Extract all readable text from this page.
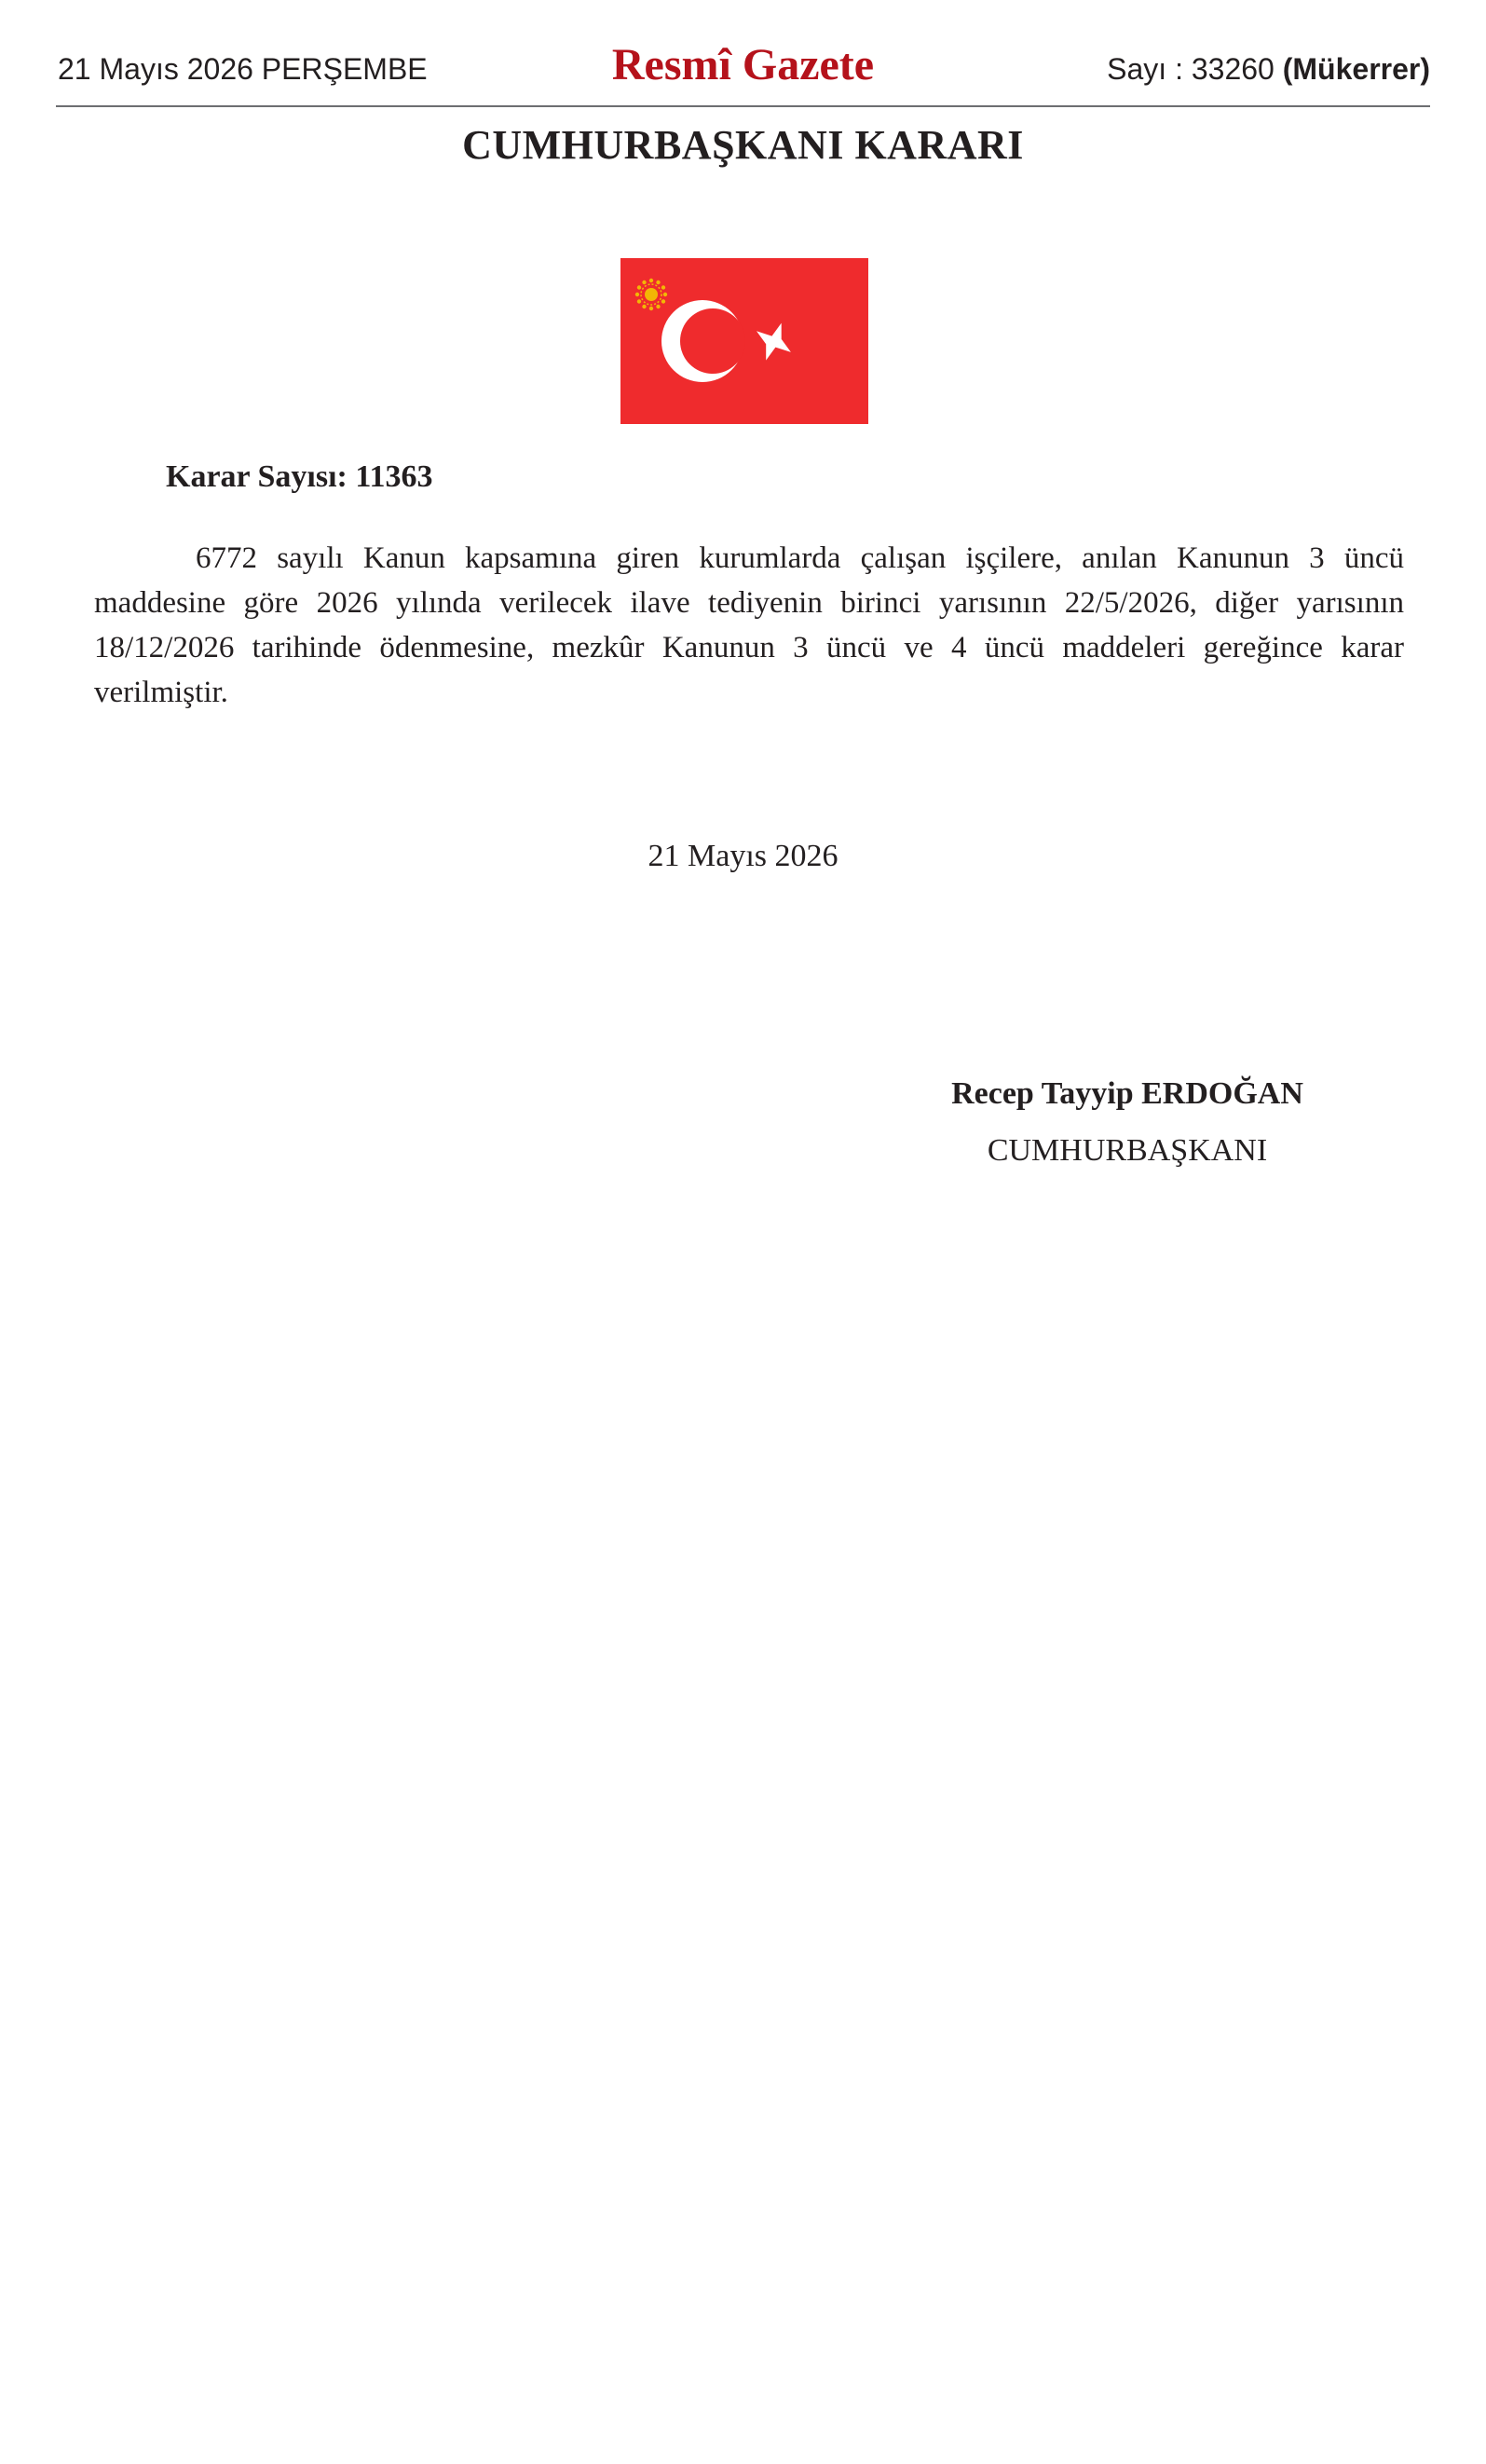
21 Mayıs 2026 PERŞEMBE	Resmî Gazete	Sayı : 33260 (Mükerrer)
CUMHURBAŞKANI KARARI
Karar Sayısı: 11363

6772 sayılı Kanun kapsamına giren kurumlarda çalışan işçilere, anılan Kanunun 3 üncü maddesine göre 2026 yılında verilecek ilave tediyenin birinci yarısının 22/5/2026, diğer yarısının 18/12/2026 tarihinde ödenmesine, mezkûr Kanunun 3 üncü ve 4 üncü maddeleri gereğince karar verilmiştir.

21 Mayıs 2026
Recep Tayyip ERDOĞAN
CUMHURBAŞKANI
